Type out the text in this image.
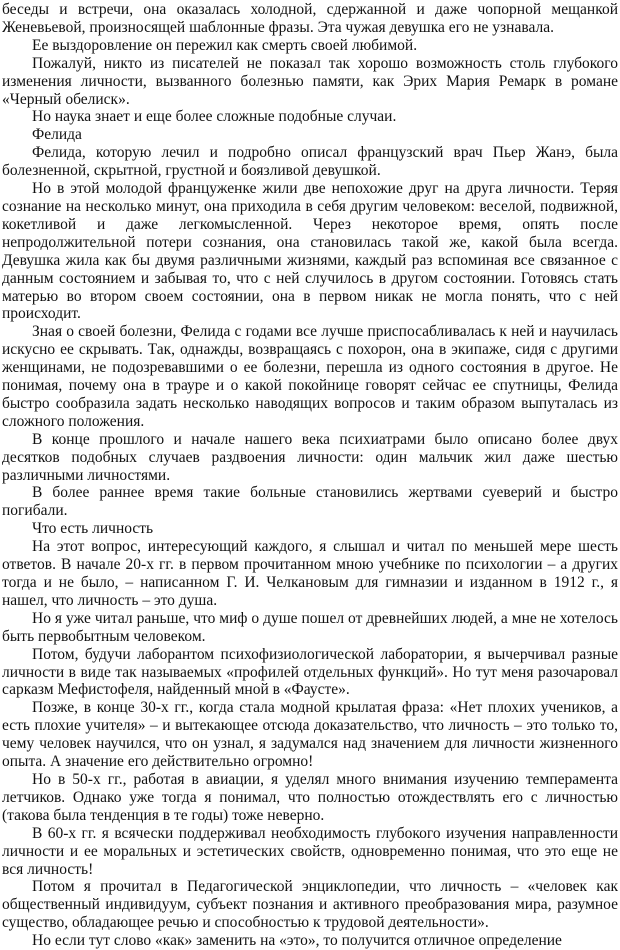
беседы и встречи, она оказалась холодной, сдержанной и даже чопорной мещанкой Женевьевой, произносящей шаблонные фразы. Эта чужая девушка его не узнавала.

Ее выздоровление он пережил как смерть своей любимой.

Пожалуй, никто из писателей не показал так хорошо возможность столь глубокого изменения личности, вызванного болезнью памяти, как Эрих Мария Ремарк в романе «Черный обелиск».

Но наука знает и еще более сложные подобные случаи.

Фелида

Фелида, которую лечил и подробно описал французский врач Пьер Жанэ, была болезненной, скрытной, грустной и боязливой девушкой.

Но в этой молодой француженке жили две непохожие друг на друга личности. Теряя сознание на несколько минут, она приходила в себя другим человеком: веселой, подвижной, кокетливой и даже легкомысленной. Через некоторое время, опять после непродолжительной потери сознания, она становилась такой же, какой была всегда. Девушка жила как бы двумя различными жизнями, каждый раз вспоминая все связанное с данным состоянием и забывая то, что с ней случилось в другом состоянии. Готовясь стать матерью во втором своем состоянии, она в первом никак не могла понять, что с ней происходит.

Зная о своей болезни, Фелида с годами все лучше приспосабливалась к ней и научилась искусно ее скрывать. Так, однажды, возвращаясь с похорон, она в экипаже, сидя с другими женщинами, не подозревавшими о ее болезни, перешла из одного состояния в другое. Не понимая, почему она в трауре и о какой покойнице говорят сейчас ее спутницы, Фелида быстро сообразила задать несколько наводящих вопросов и таким образом выпуталась из сложного положения.

В конце прошлого и начале нашего века психиатрами было описано более двух десятков подобных случаев раздвоения личности: один мальчик жил даже шестью различными личностями.

В более раннее время такие больные становились жертвами суеверий и быстро погибали.

Что есть личность

На этот вопрос, интересующий каждого, я слышал и читал по меньшей мере шесть ответов. В начале 20-х гг. в первом прочитанном мною учебнике по психологии – а других тогда и не было, – написанном Г. И. Челкановым для гимназии и изданном в 1912 г., я нашел, что личность – это душа.

Но я уже читал раньше, что миф о душе пошел от древнейших людей, а мне не хотелось быть первобытным человеком.

Потом, будучи лаборантом психофизиологической лаборатории, я вычерчивал разные личности в виде так называемых «профилей отдельных функций». Но тут меня разочаровал сарказм Мефистофеля, найденный мной в «Фаусте».

Позже, в конце 30-х гг., когда стала модной крылатая фраза: «Нет плохих учеников, а есть плохие учителя» – и вытекающее отсюда доказательство, что личность – это только то, чему человек научился, что он узнал, я задумался над значением для личности жизненного опыта. А значение его действительно огромно!

Но в 50-х гг., работая в авиации, я уделял много внимания изучению темперамента летчиков. Однако уже тогда я понимал, что полностью отождествлять его с личностью (такова была тенденция в те годы) тоже неверно.

В 60-х гг. я всячески поддерживал необходимость глубокого изучения направленности личности и ее моральных и эстетических свойств, одновременно понимая, что это еще не вся личность!

Потом я прочитал в Педагогической энциклопедии, что личность – «человек как общественный индивидуум, субъект познания и активного преобразования мира, разумное существо, обладающее речью и способностью к трудовой деятельности».

Но если тут слово «как» заменить на «это», то получится отличное определение
